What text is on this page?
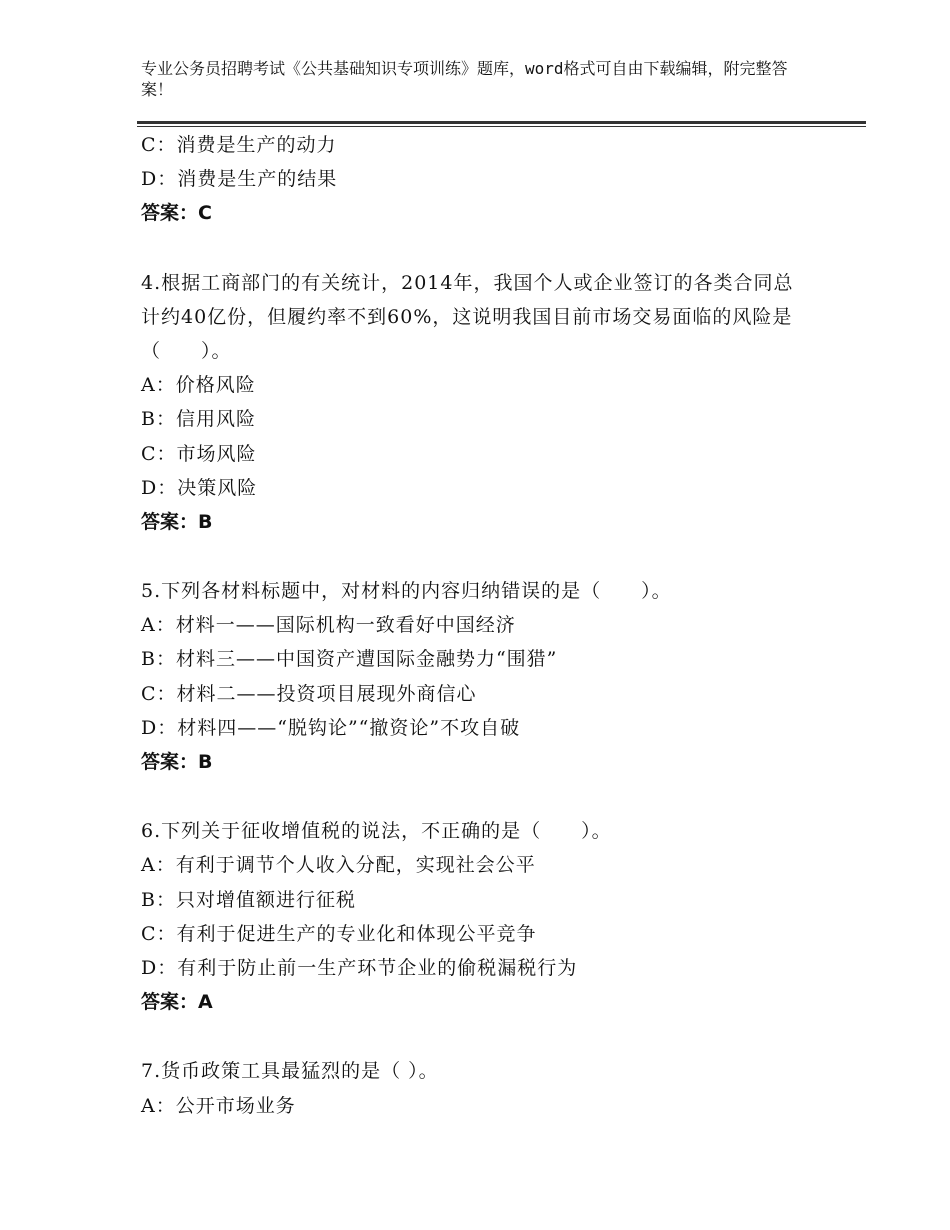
专业公务员招聘考试《公共基础知识专项训练》题库，word格式可自由下载编辑，附完整答案！
C：消费是生产的动力
D：消费是生产的结果
答案：C
4.根据工商部门的有关统计，2014年，我国个人或企业签订的各类合同总计约40亿份，但履约率不到60%，这说明我国目前市场交易面临的风险是（　　）。
A：价格风险
B：信用风险
C：市场风险
D：决策风险
答案：B
5.下列各材料标题中，对材料的内容归纳错误的是（　　）。
A：材料一——国际机构一致看好中国经济
B：材料三——中国资产遭国际金融势力“围猎”
C：材料二——投资项目展现外商信心
D：材料四——“脱钩论”“撤资论”不攻自破
答案：B
6.下列关于征收增值税的说法，不正确的是（　　）。
A：有利于调节个人收入分配，实现社会公平
B：只对增值额进行征税
C：有利于促进生产的专业化和体现公平竞争
D：有利于防止前一生产环节企业的偷税漏税行为
答案：A
7.货币政策工具最猛烈的是（ ）。
A：公开市场业务
